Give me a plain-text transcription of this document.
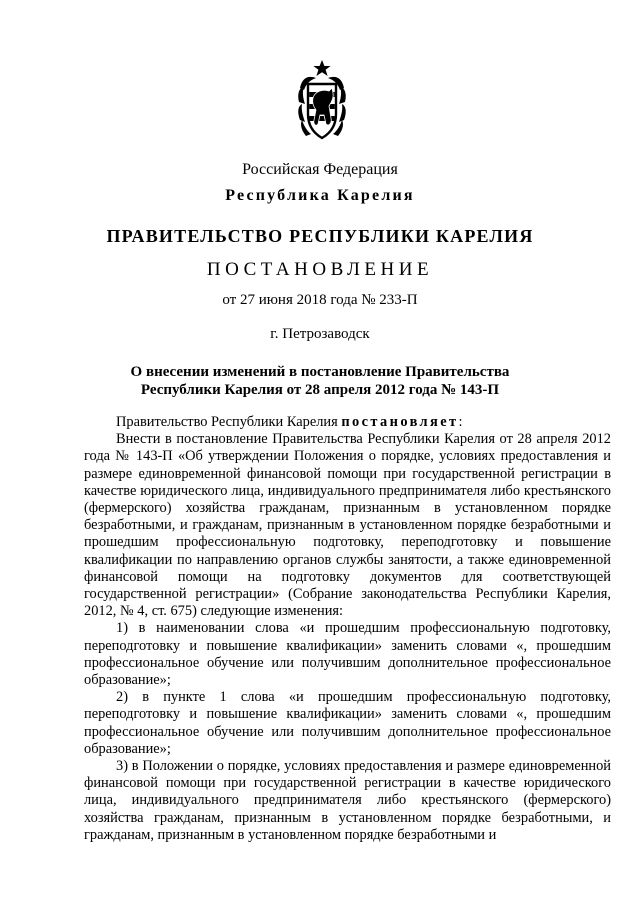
Российская Федерация
Республика Карелия
ПРАВИТЕЛЬСТВО РЕСПУБЛИКИ КАРЕЛИЯ
ПОСТАНОВЛЕНИЕ
от 27 июня 2018 года № 233-П
г. Петрозаводск
О внесении изменений в постановление Правительства
Республики Карелия от 28 апреля 2012 года № 143-П

Правительство Республики Карелия постановляет:

Внести в постановление Правительства Республики Карелия от 28 апреля 2012 года № 143-П «Об утверждении Положения о порядке, условиях предоставления и размере единовременной финансовой помощи при государственной регистрации в качестве юридического лица, индивидуального предпринимателя либо крестьянского (фермерского) хозяйства гражданам, признанным в установленном порядке безработными, и гражданам, признанным в установленном порядке безработными и прошедшим профессиональную подготовку, переподготовку и повышение квалификации по направлению органов службы занятости, а также единовременной финансовой помощи на подготовку документов для соответствующей государственной регистрации» (Собрание законодательства Республики Карелия, 2012, № 4, ст. 675) следующие изменения:

1) в наименовании слова «и прошедшим профессиональную подготовку, переподготовку и повышение квалификации» заменить словами «, прошедшим профессиональное обучение или получившим дополнительное профессиональное образование»;

2) в пункте 1 слова «и прошедшим профессиональную подготовку, переподготовку и повышение квалификации» заменить словами «, прошедшим профессиональное обучение или получившим дополнительное профессиональное образование»;

3) в Положении о порядке, условиях предоставления и размере единовременной финансовой помощи при государственной регистрации в качестве юридического лица, индивидуального предпринимателя либо крестьянского (фермерского) хозяйства гражданам, признанным в установленном порядке безработными, и гражданам, признанным в установленном порядке безработными и
